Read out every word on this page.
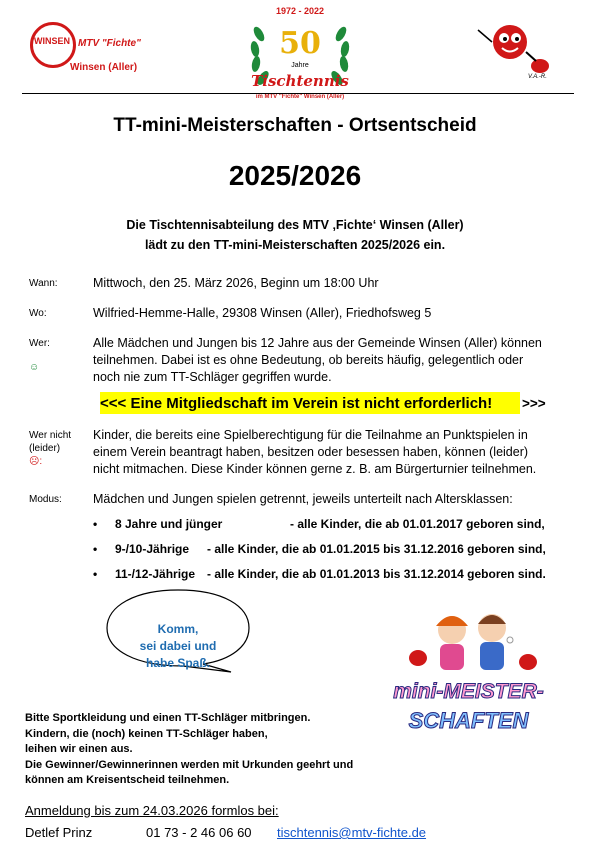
WINSEN MTV "Fichte"
Winsen (Aller)
1972 - 2022
50
Jahre
Tischtennis
im MTV "Fichte" Winsen (Aller)
V.A.-R.
TT-mini-Meisterschaften - Ortsentscheid
2025/2026
Die Tischtennisabteilung des MTV ‚Fichte‘ Winsen (Aller)
lädt zu den TT-mini-Meisterschaften 2025/2026 ein.
Wann:	Mittwoch, den 25. März 2026, Beginn um 18:00 Uhr
Wo:	Wilfried-Hemme-Halle, 29308 Winsen (Aller), Friedhofsweg 5
Wer:
☺
Alle Mädchen und Jungen bis 12 Jahre aus der Gemeinde Winsen (Aller) können
teilnehmen. Dabei ist es ohne Bedeutung, ob bereits häufig, gelegentlich oder
noch nie zum TT-Schläger gegriffen wurde.
<<< Eine Mitgliedschaft im Verein ist nicht erforderlich! >>>
Wer nicht
(leider)
☹:
Kinder, die bereits eine Spielberechtigung für die Teilnahme an Punktspielen in
einem Verein beantragt haben, besitzen oder besessen haben, können (leider)
nicht mitmachen. Diese Kinder können gerne z. B. am Bürgerturnier teilnehmen.
Modus: Mädchen und Jungen spielen getrennt, jeweils unterteilt nach Altersklassen:
• 8 Jahre und jünger	- alle Kinder, die ab 01.01.2017 geboren sind,
• 9-/10-Jährige - alle Kinder, die ab 01.01.2015 bis 31.12.2016 geboren sind,
• 11-/12-Jährige - alle Kinder, die ab 01.01.2013 bis 31.12.2014 geboren sind.
Komm,
sei dabei und
habe Spaß.
mini-MEISTER-
SCHAFTEN
Bitte Sportkleidung und einen TT-Schläger mitbringen.
Kindern, die (noch) keinen TT-Schläger haben,
leihen wir einen aus.
Die Gewinner/Gewinnerinnen werden mit Urkunden geehrt und
können am Kreisentscheid teilnehmen.
Anmeldung bis zum 24.03.2026 formlos bei:
Detlef Prinz	01 73 - 2 46 06 60 tischtennis@mtv-fichte.de
